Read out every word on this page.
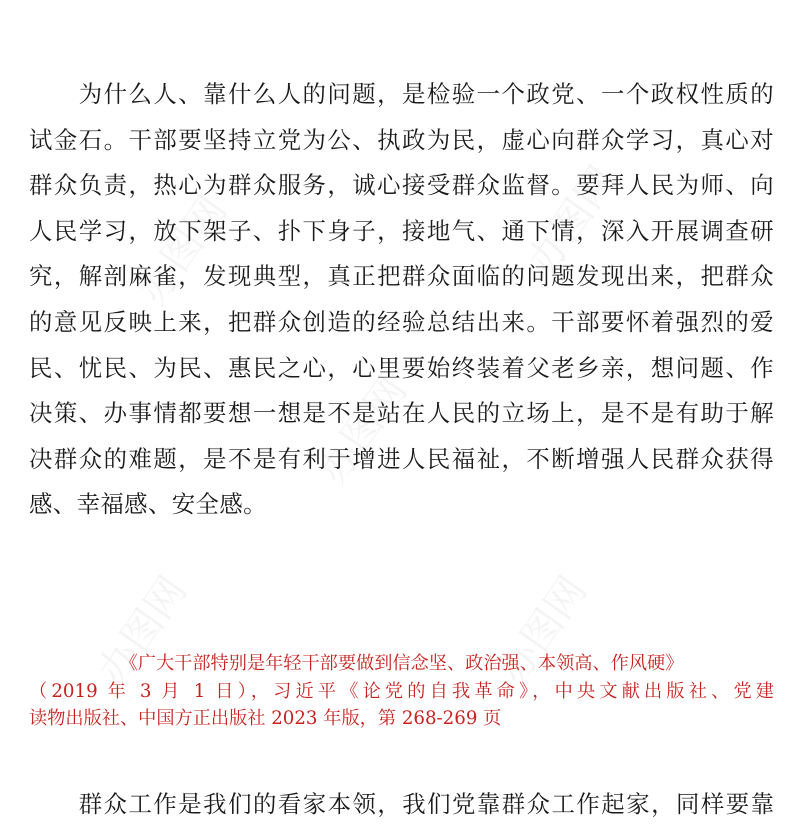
办图网	办图网
办图网
办图网	办图网
　　为什么人、靠什么人的问题，是检验一个政党、一个政权性质的
试金石。干部要坚持立党为公、执政为民，虚心向群众学习，真心对
群众负责，热心为群众服务，诚心接受群众监督。要拜人民为师、向
人民学习，放下架子、扑下身子，接地气、通下情，深入开展调查研
究，解剖麻雀，发现典型，真正把群众面临的问题发现出来，把群众
的意见反映上来，把群众创造的经验总结出来。干部要怀着强烈的爱
民、忧民、为民、惠民之心，心里要始终装着父老乡亲，想问题、作
决策、办事情都要想一想是不是站在人民的立场上，是不是有助于解
决群众的难题，是不是有利于增进人民福祉，不断增强人民群众获得
感、幸福感、安全感。
《广大干部特别是年轻干部要做到信念坚、政治强、本领高、作风硬》
（2019 年 3 月 1 日），习近平《论党的自我革命》，中央文献出版社、党建
读物出版社、中国方正出版社 2023 年版，第 268-269 页
　　群众工作是我们的看家本领，我们党靠群众工作起家，同样要靠
